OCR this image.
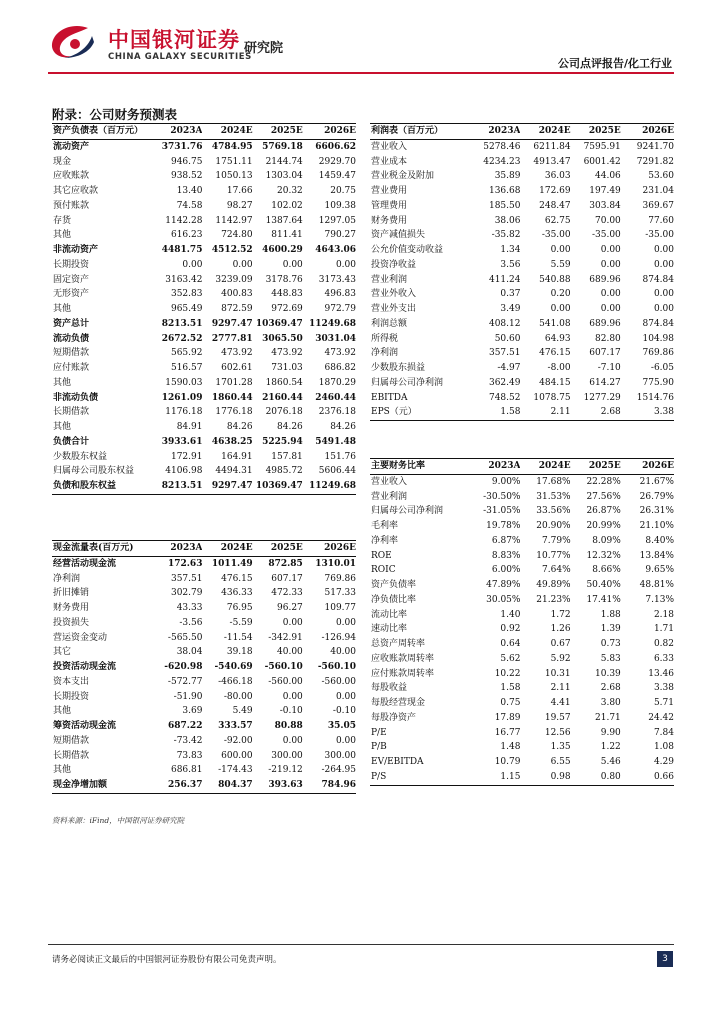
中国银河证券
CHINA GALAXY SECURITIES
研究院
公司点评报告/化工行业
附录：公司财务预测表
资产负债表（百万元）	2023A	2024E	2025E	2026E
流动资产	3731.76	4784.95	5769.18	6606.62
现金	946.75	1751.11	2144.74	2929.70
应收账款	938.52	1050.13	1303.04	1459.47
其它应收款	13.40	17.66	20.32	20.75
预付账款	74.58	98.27	102.02	109.38
存货	1142.28	1142.97	1387.64	1297.05
其他	616.23	724.80	811.41	790.27
非流动资产	4481.75	4512.52	4600.29	4643.06
长期投资	0.00	0.00	0.00	0.00
固定资产	3163.42	3239.09	3178.76	3173.43
无形资产	352.83	400.83	448.83	496.83
其他	965.49	872.59	972.69	972.79
资产总计	8213.51	9297.47	10369.47	11249.68
流动负债	2672.52	2777.81	3065.50	3031.04
短期借款	565.92	473.92	473.92	473.92
应付账款	516.57	602.61	731.03	686.82
其他	1590.03	1701.28	1860.54	1870.29
非流动负债	1261.09	1860.44	2160.44	2460.44
长期借款	1176.18	1776.18	2076.18	2376.18
其他	84.91	84.26	84.26	84.26
负债合计	3933.61	4638.25	5225.94	5491.48
少数股东权益	172.91	164.91	157.81	151.76
归属母公司股东权益	4106.98	4494.31	4985.72	5606.44
负债和股东权益	8213.51	9297.47	10369.47	11249.68
利润表（百万元）	2023A	2024E	2025E	2026E
营业收入	5278.46	6211.84	7595.91	9241.70
营业成本	4234.23	4913.47	6001.42	7291.82
营业税金及附加	35.89	36.03	44.06	53.60
营业费用	136.68	172.69	197.49	231.04
管理费用	185.50	248.47	303.84	369.67
财务费用	38.06	62.75	70.00	77.60
资产减值损失	-35.82	-35.00	-35.00	-35.00
公允价值变动收益	1.34	0.00	0.00	0.00
投资净收益	3.56	5.59	0.00	0.00
营业利润	411.24	540.88	689.96	874.84
营业外收入	0.37	0.20	0.00	0.00
营业外支出	3.49	0.00	0.00	0.00
利润总额	408.12	541.08	689.96	874.84
所得税	50.60	64.93	82.80	104.98
净利润	357.51	476.15	607.17	769.86
少数股东损益	-4.97	-8.00	-7.10	-6.05
归属母公司净利润	362.49	484.15	614.27	775.90
EBITDA	748.52	1078.75	1277.29	1514.76
EPS（元）	1.58	2.11	2.68	3.38
主要财务比率	2023A	2024E	2025E	2026E
营业收入	9.00%	17.68%	22.28%	21.67%
营业利润	-30.50%	31.53%	27.56%	26.79%
归属母公司净利润	-31.05%	33.56%	26.87%	26.31%
毛利率	19.78%	20.90%	20.99%	21.10%
净利率	6.87%	7.79%	8.09%	8.40%
ROE	8.83%	10.77%	12.32%	13.84%
ROIC	6.00%	7.64%	8.66%	9.65%
资产负债率	47.89%	49.89%	50.40%	48.81%
净负债比率	30.05%	21.23%	17.41%	7.13%
流动比率	1.40	1.72	1.88	2.18
速动比率	0.92	1.26	1.39	1.71
总资产周转率	0.64	0.67	0.73	0.82
应收账款周转率	5.62	5.92	5.83	6.33
应付账款周转率	10.22	10.31	10.39	13.46
每股收益	1.58	2.11	2.68	3.38
每股经营现金	0.75	4.41	3.80	5.71
每股净资产	17.89	19.57	21.71	24.42
P/E	16.77	12.56	9.90	7.84
P/B	1.48	1.35	1.22	1.08
EV/EBITDA	10.79	6.55	5.46	4.29
P/S	1.15	0.98	0.80	0.66
现金流量表(百万元)	2023A	2024E	2025E	2026E
经营活动现金流	172.63	1011.49	872.85	1310.01
净利润	357.51	476.15	607.17	769.86
折旧摊销	302.79	436.33	472.33	517.33
财务费用	43.33	76.95	96.27	109.77
投资损失	-3.56	-5.59	0.00	0.00
营运资金变动	-565.50	-11.54	-342.91	-126.94
其它	38.04	39.18	40.00	40.00
投资活动现金流	-620.98	-540.69	-560.10	-560.10
资本支出	-572.77	-466.18	-560.00	-560.00
长期投资	-51.90	-80.00	0.00	0.00
其他	3.69	5.49	-0.10	-0.10
筹资活动现金流	687.22	333.57	80.88	35.05
短期借款	-73.42	-92.00	0.00	0.00
长期借款	73.83	600.00	300.00	300.00
其他	686.81	-174.43	-219.12	-264.95
现金净增加额	256.37	804.37	393.63	784.96
资料来源：iFind，中国银河证券研究院
请务必阅读正文最后的中国银河证券股份有限公司免责声明。	3
